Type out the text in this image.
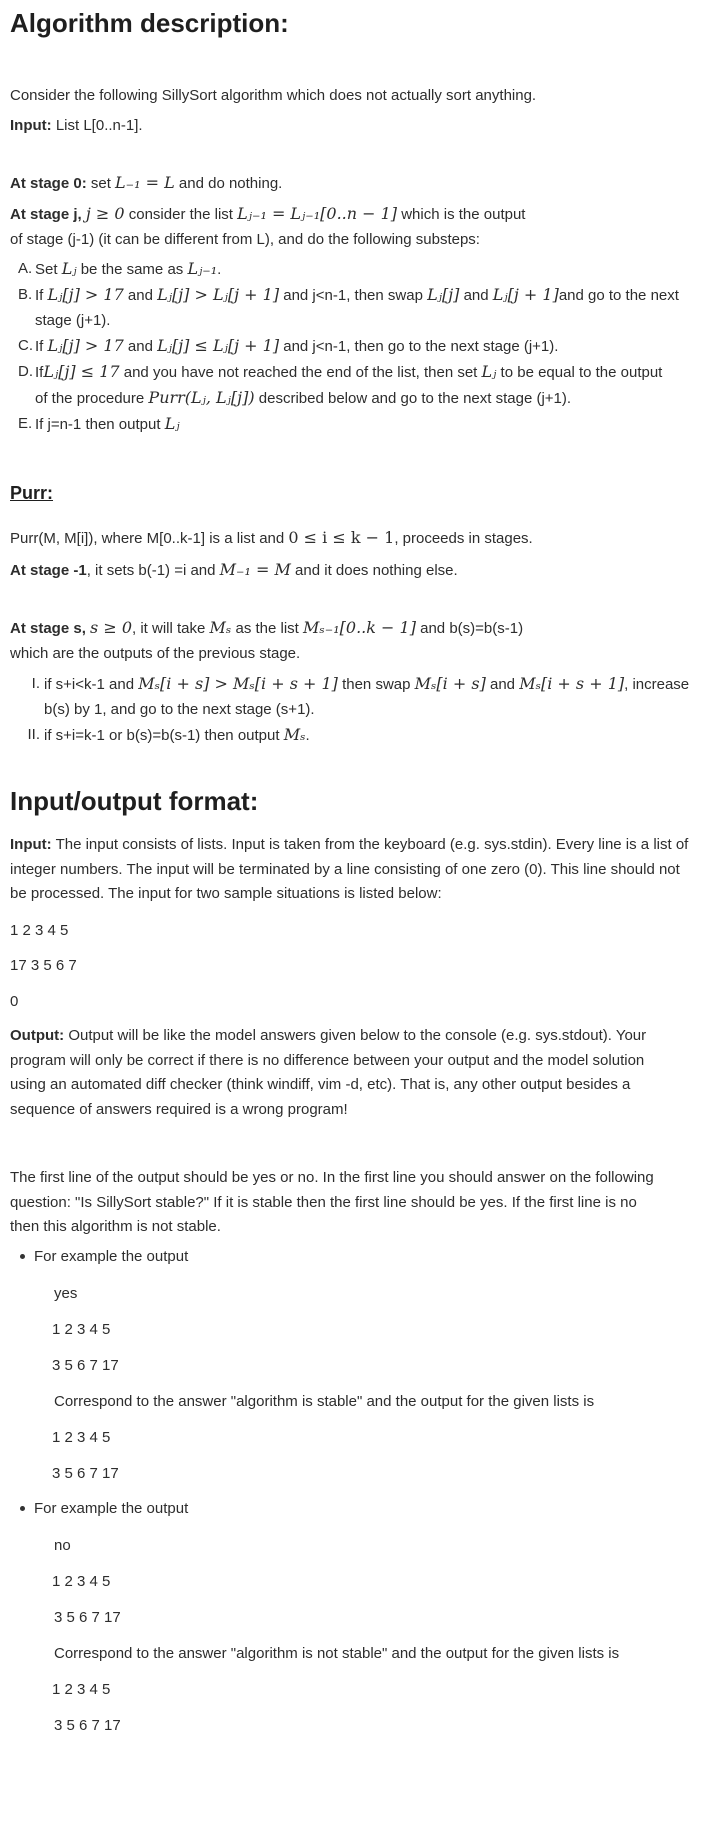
Algorithm description:

Consider the following SillySort algorithm which does not actually sort anything.

Input: List L[0..n-1].

At stage 0: set L₋₁ = L and do nothing.

At stage j, j ≥ 0 consider the list Lⱼ₋₁ = Lⱼ₋₁[0..n − 1] which is the output

of stage (j-1) (it can be different from L), and do the following substeps:

A. Set Lⱼ be the same as Lⱼ₋₁.
B. If Lⱼ[j] > 17 and Lⱼ[j] > Lⱼ[j + 1] and j<n-1, then swap Lⱼ[j] and Lⱼ[j + 1]and go to the next
stage (j+1).
C. If Lⱼ[j] > 17 and Lⱼ[j] ≤ Lⱼ[j + 1] and j<n-1, then go to the next stage (j+1).
D. IfLⱼ[j] ≤ 17 and you have not reached the end of the list, then set Lⱼ to be equal to the output
of the procedure Purr(Lⱼ, Lⱼ[j]) described below and go to the next stage (j+1).
E. If j=n-1 then output Lⱼ

Purr:

Purr(M, M[i]), where M[0..k-1] is a list and 0 ≤ i ≤ k − 1, proceeds in stages.

At stage -1, it sets b(-1) =i and M₋₁ = M and it does nothing else.

At stage s, s ≥ 0, it will take Mₛ as the list Mₛ₋₁[0..k − 1] and b(s)=b(s-1)

which are the outputs of the previous stage.

I. if s+i<k-1 and Mₛ[i + s] > Mₛ[i + s + 1] then swap Mₛ[i + s] and Mₛ[i + s + 1], increase
b(s) by 1, and go to the next stage (s+1).
II. if s+i=k-1 or b(s)=b(s-1) then output Mₛ.
Input/output format:

Input: The input consists of lists. Input is taken from the keyboard (e.g. sys.stdin). Every line is a list of

integer numbers. The input will be terminated by a line consisting of one zero (0). This line should not

be processed. The input for two sample situations is listed below:

1 2 3 4 5

17 3 5 6 7

0

Output: Output will be like the model answers given below to the console (e.g. sys.stdout). Your

program will only be correct if there is no difference between your output and the model solution

using an automated diff checker (think windiff, vim -d, etc). That is, any other output besides a

sequence of answers required is a wrong program!

The first line of the output should be yes or no. In the first line you should answer on the following

question: "Is SillySort stable?" If it is stable then the first line should be yes. If the first line is no

then this algorithm is not stable.

For example the output
yes
1 2 3 4 5
3 5 6 7 17
Correspond to the answer "algorithm is stable" and the output for the given lists is
1 2 3 4 5
3 5 6 7 17
For example the output
no
1 2 3 4 5
3 5 6 7 17
Correspond to the answer "algorithm is not stable" and the output for the given lists is
1 2 3 4 5
3 5 6 7 17
